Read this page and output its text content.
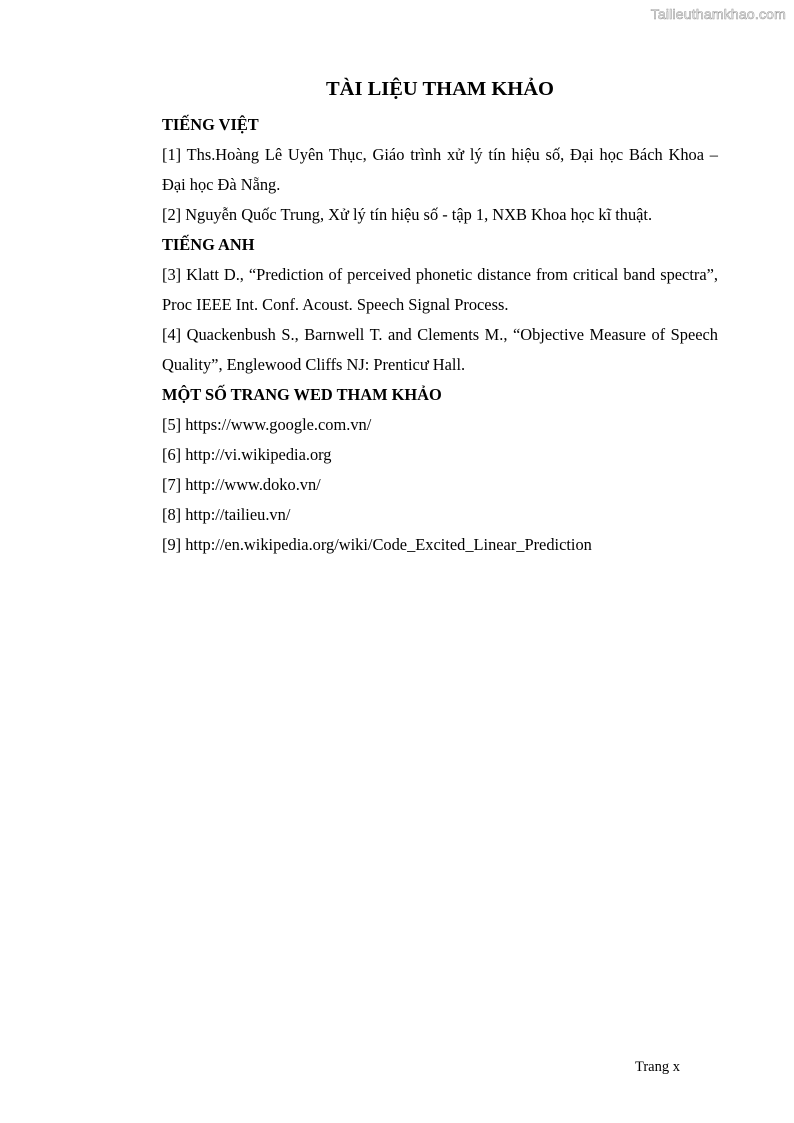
Tailieuthamkhao.com
TÀI LIỆU THAM KHẢO
TIẾNG VIỆT
[1] Ths.Hoàng Lê Uyên Thục, Giáo trình xử lý tín hiệu số, Đại học Bách Khoa – Đại học Đà Nẵng.
[2] Nguyễn Quốc Trung, Xử lý tín hiệu số - tập 1, NXB Khoa học kĩ thuật.
TIẾNG ANH
[3] Klatt D., “Prediction of perceived phonetic distance from critical band spectra”, Proc IEEE Int. Conf. Acoust. Speech Signal Process.
[4] Quackenbush S., Barnwell T. and Clements M., “Objective Measure of Speech Quality”, Englewood Cliffs NJ: Prenticư Hall.
MỘT SỐ TRANG WED THAM KHẢO
[5] https://www.google.com.vn/
[6] http://vi.wikipedia.org
[7] http://www.doko.vn/
[8] http://tailieu.vn/
[9] http://en.wikipedia.org/wiki/Code_Excited_Linear_Prediction
Trang x
